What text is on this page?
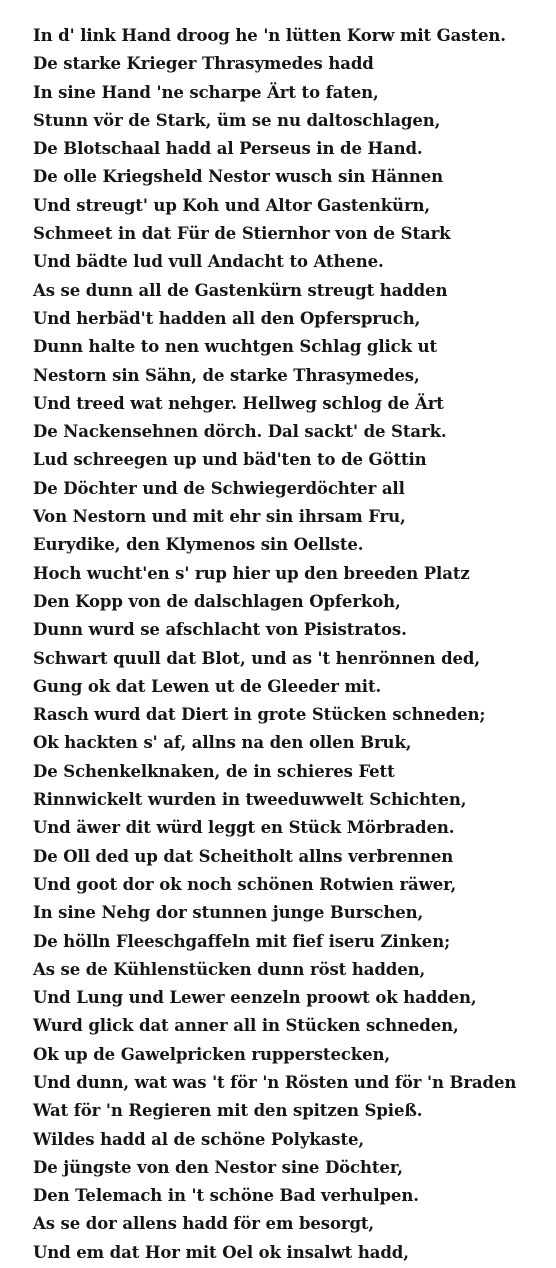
In d' link Hand droog he 'n lütten Korw mit Gasten.
De starke Krieger Thrasymedes hadd
In sine Hand 'ne scharpe Ärt to faten,
Stunn vör de Stark, üm se nu daltoschlagen,
De Blotschaal hadd al Perseus in de Hand.
De olle Kriegsheld Nestor wusch sin Hännen
Und streugt' up Koh und Altor Gastenkürn,
Schmeet in dat Für de Stiernhor von de Stark
Und bädte lud vull Andacht to Athene.
As se dunn all de Gastenkürn streugt hadden
Und herbäd't hadden all den Opferspruch,
Dunn halte to nen wuchtgen Schlag glick ut
Nestorn sin Sähn, de starke Thrasymedes,
Und treed wat nehger. Hellweg schlog de Ärt
De Nackensehnen dörch. Dal sackt' de Stark.
Lud schreegen up und bäd'ten to de Göttin
De Döchter und de Schwiegerdöchter all
Von Nestorn und mit ehr sin ihrsam Fru,
Eurydike, den Klymenos sin Oellste.
Hoch wucht'en s' rup hier up den breeden Platz
Den Kopp von de dalschlagen Opferkoh,
Dunn wurd se afschlacht von Pisistratos.
Schwart quull dat Blot, und as 't henrönnen ded,
Gung ok dat Lewen ut de Gleeder mit.
Rasch wurd dat Diert in grote Stücken schneden;
Ok hackten s' af, allns na den ollen Bruk,
De Schenkelknaken, de in schieres Fett
Rinnwickelt wurden in tweeduwwelt Schichten,
Und äwer dit würd leggt en Stück Mörbraden.
De Oll ded up dat Scheitholt allns verbrennen
Und goot dor ok noch schönen Rotwien räwer,
In sine Nehg dor stunnen junge Burschen,
De hölln Fleeschgaffeln mit fief iseru Zinken;
As se de Kühlenstücken dunn röst hadden,
Und Lung und Lewer eenzeln proowt ok hadden,
Wurd glick dat anner all in Stücken schneden,
Ok up de Gawelpricken rupperstecken,
Und dunn, wat was 't för 'n Rösten und för 'n Braden
Wat för 'n Regieren mit den spitzen Spieß.
Wildes hadd al de schöne Polykaste,
De jüngste von den Nestor sine Döchter,
Den Telemach in 't schöne Bad verhulpen.
As se dor allens hadd för em besorgt,
Und em dat Hor mit Oel ok insalwt hadd,
